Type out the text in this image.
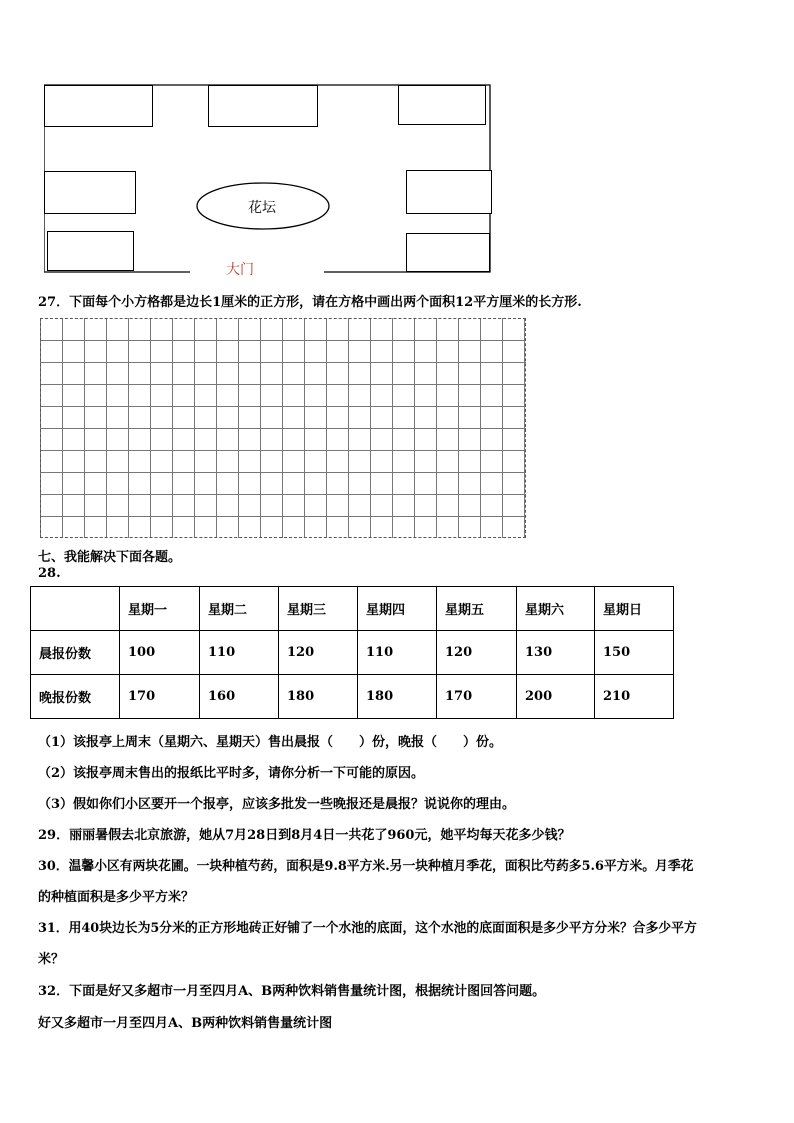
花坛
大门
27．下面每个小方格都是边长1厘米的正方形，请在方格中画出两个面积12平方厘米的长方形.
七、我能解决下面各题。
28.
	星期一	星期二	星期三	星期四	星期五	星期六	星期日
晨报份数	100	110	120	110	120	130	150
晚报份数	170	160	180	180	170	200	210
（1）该报亭上周末（星期六、星期天）售出晨报（　　）份，晚报（　　）份。
（2）该报亭周末售出的报纸比平时多，请你分析一下可能的原因。
（3）假如你们小区要开一个报亭，应该多批发一些晚报还是晨报？说说你的理由。
29．丽丽暑假去北京旅游，她从7月28日到8月4日一共花了960元，她平均每天花多少钱？
30．温馨小区有两块花圃。一块种植芍药，面积是9.8平方米.另一块种植月季花，面积比芍药多5.6平方米。月季花
的种植面积是多少平方米？
31．用40块边长为5分米的正方形地砖正好铺了一个水池的底面，这个水池的底面面积是多少平方分米？合多少平方
米？
32．下面是好又多超市一月至四月A、B两种饮料销售量统计图，根据统计图回答问题。
好又多超市一月至四月A、B两种饮料销售量统计图
